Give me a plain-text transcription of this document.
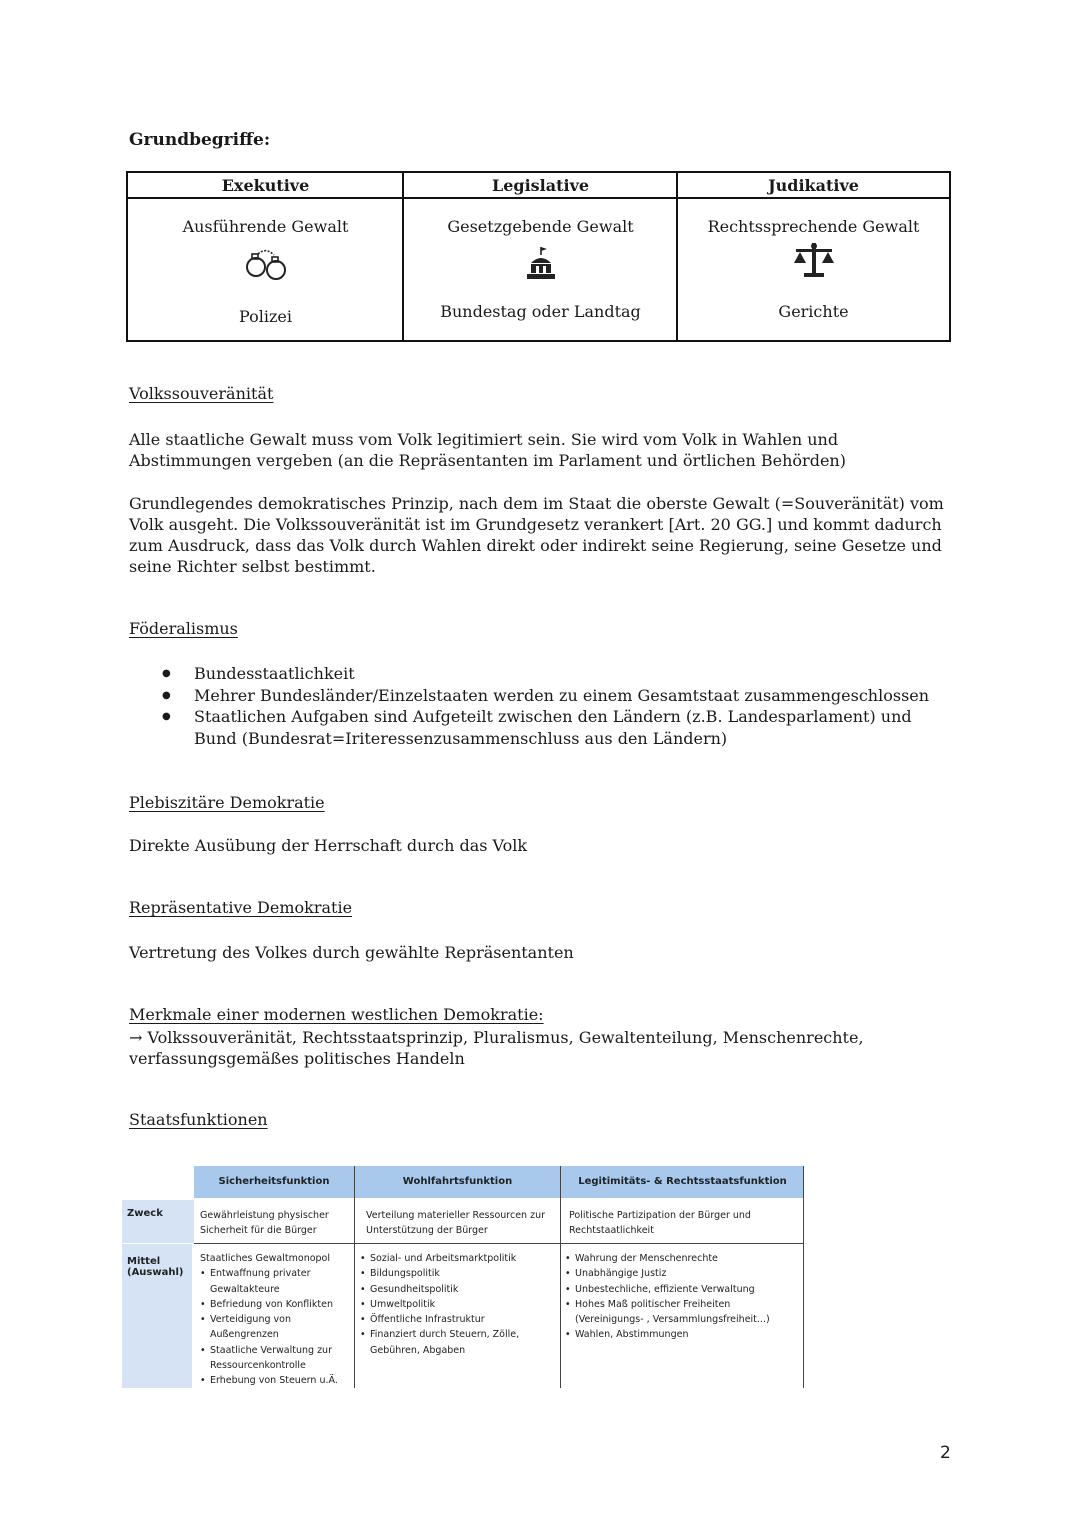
Grundbegriffe:
Exekutive
Ausführende Gewalt
Polizei
Legislative
Gesetzgebende Gewalt
Bundestag oder Landtag
Judikative
Rechtssprechende Gewalt
Gerichte
Volkssouveränität
Alle staatliche Gewalt muss vom Volk legitimiert sein. Sie wird vom Volk in Wahlen und Abstimmungen vergeben (an die Repräsentanten im Parlament und örtlichen Behörden)
Grundlegendes demokratisches Prinzip, nach dem im Staat die oberste Gewalt (=Souveränität) vom Volk ausgeht. Die Volkssouveränität ist im Grundgesetz verankert [Art. 20 GG.] und kommt dadurch zum Ausdruck, dass das Volk durch Wahlen direkt oder indirekt seine Regierung, seine Gesetze und seine Richter selbst bestimmt.
Föderalismus
● Bundesstaatlichkeit
● Mehrer Bundesländer/Einzelstaaten werden zu einem Gesamtstaat zusammengeschlossen
● Staatlichen Aufgaben sind Aufgeteilt zwischen den Ländern (z.B. Landesparlament) und Bund (Bundesrat=Iriteressenzusammenschluss aus den Ländern)
Plebiszitäre Demokratie
Direkte Ausübung der Herrschaft durch das Volk
Repräsentative Demokratie
Vertretung des Volkes durch gewählte Repräsentanten
Merkmale einer modernen westlichen Demokratie:
→ Volkssouveränität, Rechtsstaatsprinzip, Pluralismus, Gewaltenteilung, Menschenrechte, verfassungsgemäßes politisches Handeln
Staatsfunktionen
Sicherheitsfunktion	Wohlfahrtsfunktion	Legitimitäts- & Rechtsstaatsfunktion
Zweck
Mittel (Auswahl)
Gewährleistung physischer Sicherheit für die Bürger
Verteilung materieller Ressourcen zur Unterstützung der Bürger
Politische Partizipation der Bürger und Rechtstaatlichkeit
Staatliches Gewaltmonopol
• Entwaffnung privater
Gewaltakteure
• Befriedung von Konflikten
• Verteidigung von
Außengrenzen
• Staatliche Verwaltung zur
Ressourcenkontrolle
• Erhebung von Steuern u.Ä.
• Sozial- und Arbeitsmarktpolitik
• Bildungspolitik
• Gesundheitspolitik
• Umweltpolitik
• Öffentliche Infrastruktur
• Finanziert durch Steuern, Zölle,
Gebühren, Abgaben
• Wahrung der Menschenrechte
• Unabhängige Justiz
• Unbestechliche, effiziente Verwaltung
• Hohes Maß politischer Freiheiten
(Vereinigungs- , Versammlungsfreiheit...)
• Wahlen, Abstimmungen
2
